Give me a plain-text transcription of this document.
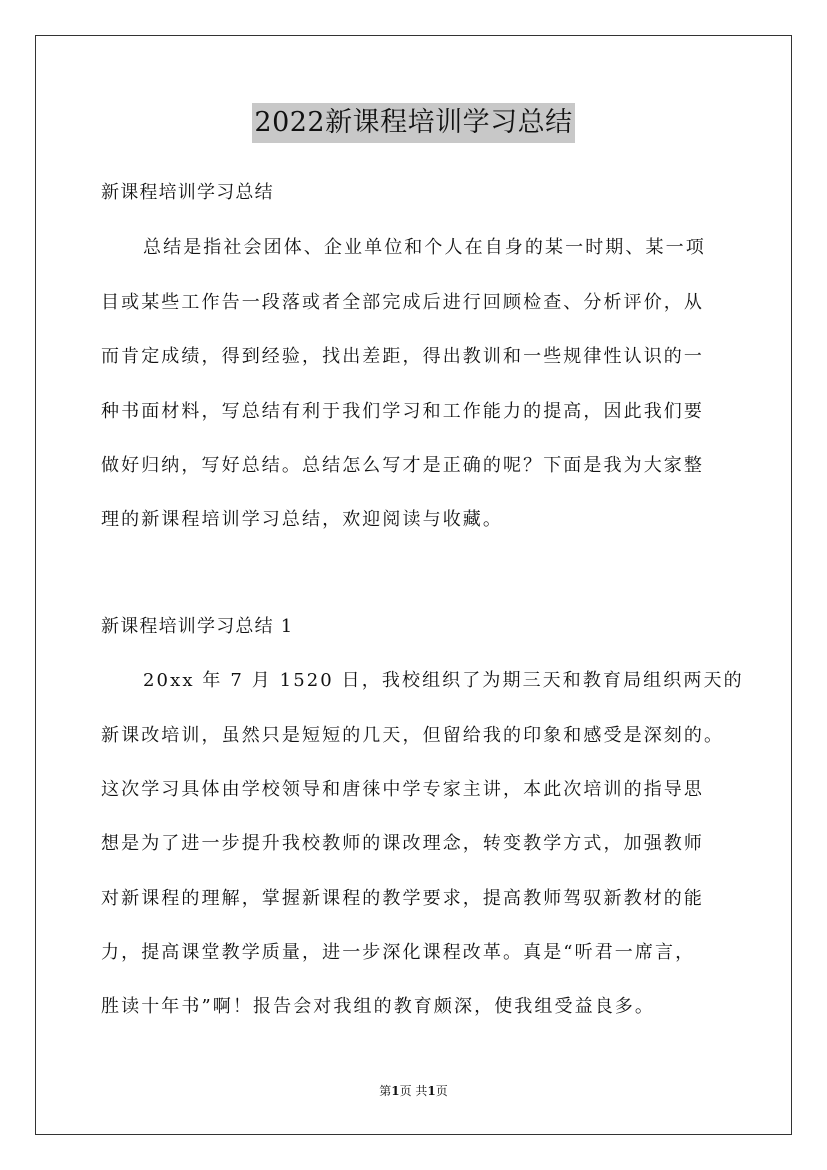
2022新课程培训学习总结
新课程培训学习总结
总结是指社会团体、企业单位和个人在自身的某一时期、某一项
目或某些工作告一段落或者全部完成后进行回顾检查、分析评价，从
而肯定成绩，得到经验，找出差距，得出教训和一些规律性认识的一
种书面材料，写总结有利于我们学习和工作能力的提高，因此我们要
做好归纳，写好总结。总结怎么写才是正确的呢？下面是我为大家整
理的新课程培训学习总结，欢迎阅读与收藏。
新课程培训学习总结 1
20xx 年 7 月 1520 日，我校组织了为期三天和教育局组织两天的
新课改培训，虽然只是短短的几天，但留给我的印象和感受是深刻的。
这次学习具体由学校领导和唐徕中学专家主讲，本此次培训的指导思
想是为了进一步提升我校教师的课改理念，转变教学方式，加强教师
对新课程的理解，掌握新课程的教学要求，提高教师驾驭新教材的能
力，提高课堂教学质量，进一步深化课程改革。真是“听君一席言，
胜读十年书”啊！报告会对我组的教育颇深，使我组受益良多。
第1页 共1页
